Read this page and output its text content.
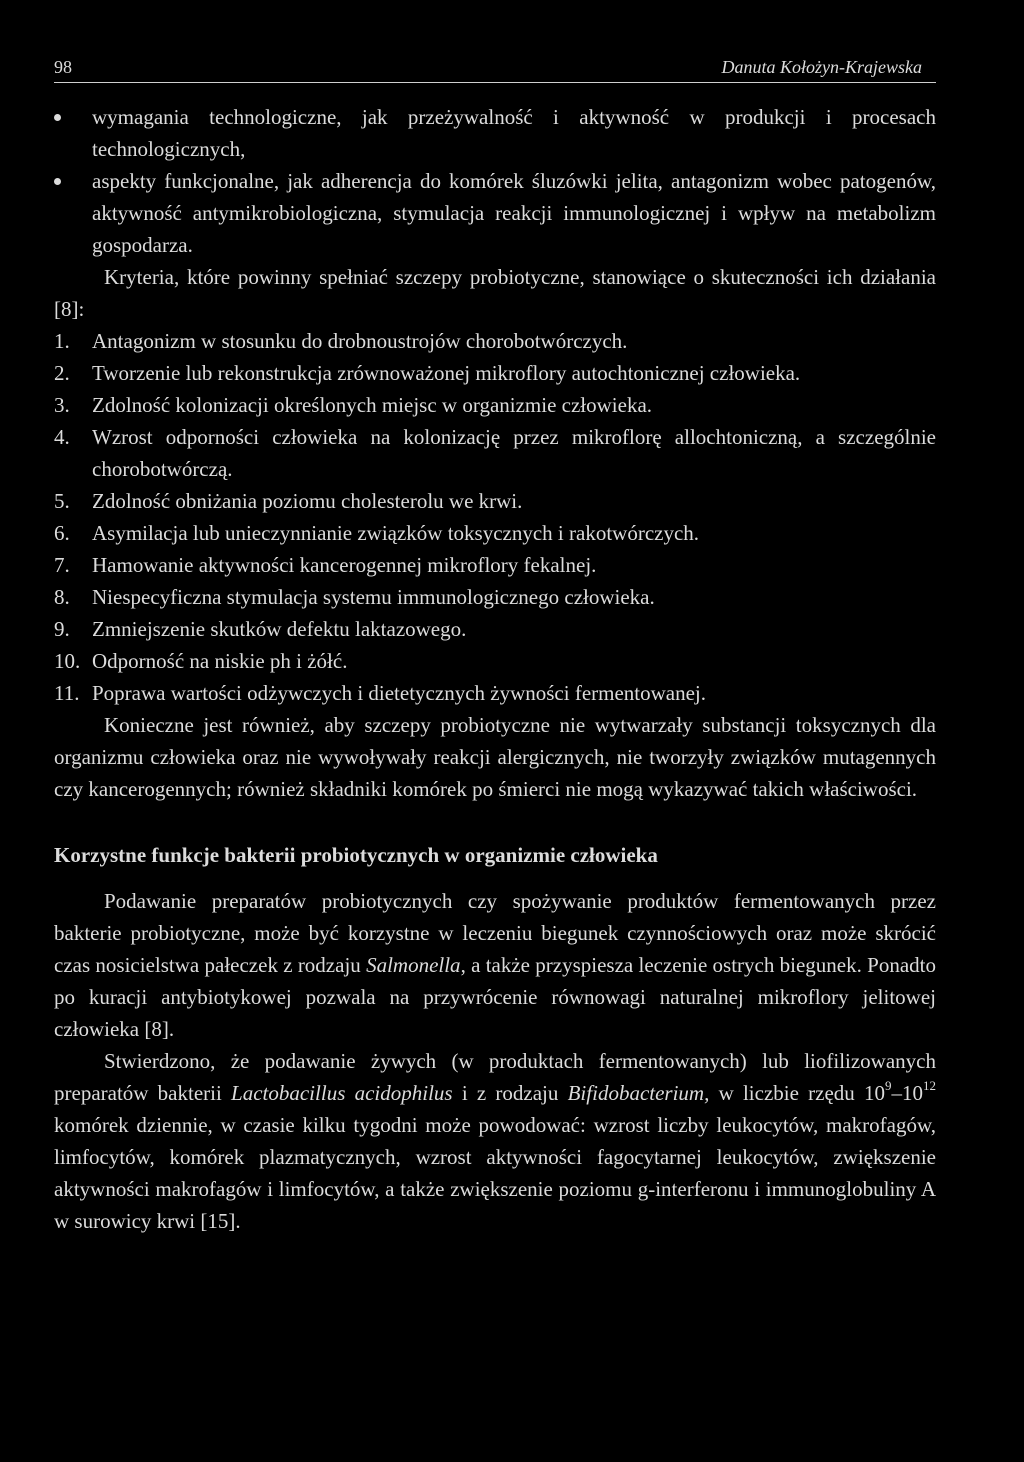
98	Danuta Kołożyn-Krajewska
wymagania technologiczne, jak przeżywalność i aktywność w produkcji i procesach technologicznych,
aspekty funkcjonalne, jak adherencja do komórek śluzówki jelita, antagonizm wobec patogenów, aktywność antymikrobiologiczna, stymulacja reakcji immunologicznej i wpływ na metabolizm gospodarza.

Kryteria, które powinny spełniać szczepy probiotyczne, stanowiące o skuteczności ich działania [8]:

1. Antagonizm w stosunku do drobnoustrojów chorobotwórczych.
2. Tworzenie lub rekonstrukcja zrównoważonej mikroflory autochtonicznej człowieka.
3. Zdolność kolonizacji określonych miejsc w organizmie człowieka.
4. Wzrost odporności człowieka na kolonizację przez mikroflorę allochtoniczną, a szczególnie chorobotwórczą.
5. Zdolność obniżania poziomu cholesterolu we krwi.
6. Asymilacja lub unieczynnianie związków toksycznych i rakotwórczych.
7. Hamowanie aktywności kancerogennej mikroflory fekalnej.
8. Niespecyficzna stymulacja systemu immunologicznego człowieka.
9. Zmniejszenie skutków defektu laktazowego.
10. Odporność na niskie ph i żółć.
11. Poprawa wartości odżywczych i dietetycznych żywności fermentowanej.

Konieczne jest również, aby szczepy probiotyczne nie wytwarzały substancji toksycznych dla organizmu człowieka oraz nie wywoływały reakcji alergicznych, nie tworzyły związków mutagennych czy kancerogennych; również składniki komórek po śmierci nie mogą wykazywać takich właściwości.

Korzystne funkcje bakterii probiotycznych w organizmie człowieka

Podawanie preparatów probiotycznych czy spożywanie produktów fermentowanych przez bakterie probiotyczne, może być korzystne w leczeniu biegunek czynnościowych oraz może skrócić czas nosicielstwa pałeczek z rodzaju Salmonella, a także przyspiesza leczenie ostrych biegunek. Ponadto po kuracji antybiotykowej pozwala na przywrócenie równowagi naturalnej mikroflory jelitowej człowieka [8].

Stwierdzono, że podawanie żywych (w produktach fermentowanych) lub liofilizowanych preparatów bakterii Lactobacillus acidophilus i z rodzaju Bifidobacterium, w liczbie rzędu $10^9-10^{12}$ komórek dziennie, w czasie kilku tygodni może powodować: wzrost liczby leukocytów, makrofagów, limfocytów, komórek plazmatycznych, wzrost aktywności fagocytarnej leukocytów, zwiększenie aktywności makrofagów i limfocytów, a także zwiększenie poziomu g-interferonu i immunoglobuliny A w surowicy krwi [15].
